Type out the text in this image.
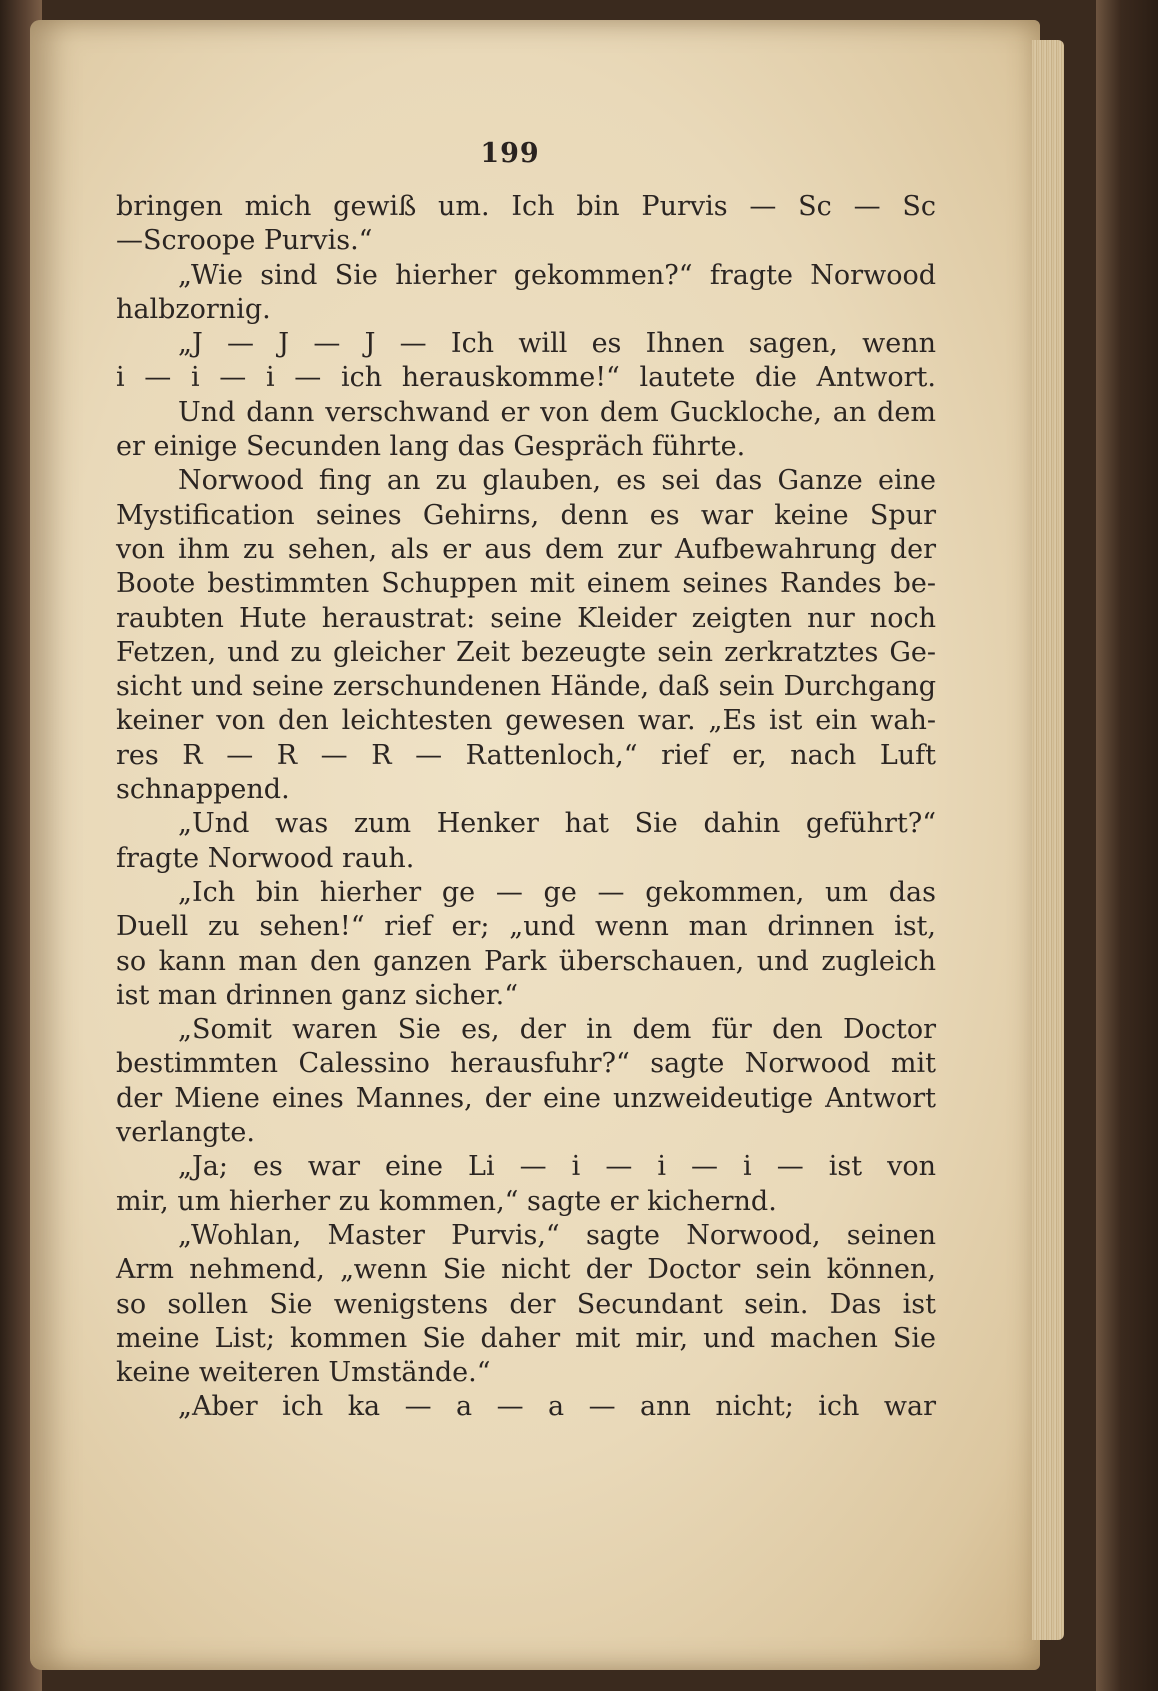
199
bringen mich gewiß um. Ich bin Purvis — Sc — Sc
—Scroope Purvis.“
„Wie sind Sie hierher gekommen?“ fragte Norwood
halbzornig.
„J — J — J — Ich will es Ihnen sagen, wenn
i — i — i — ich herauskomme!“ lautete die Antwort.
Und dann verschwand er von dem Guckloche, an dem
er einige Secunden lang das Gespräch führte.
Norwood fing an zu glauben, es sei das Ganze eine
Mystification seines Gehirns, denn es war keine Spur
von ihm zu sehen, als er aus dem zur Aufbewahrung der
Boote bestimmten Schuppen mit einem seines Randes be-
raubten Hute heraustrat: seine Kleider zeigten nur noch
Fetzen, und zu gleicher Zeit bezeugte sein zerkratztes Ge-
sicht und seine zerschundenen Hände, daß sein Durchgang
keiner von den leichtesten gewesen war. „Es ist ein wah-
res R — R — R — Rattenloch,“ rief er, nach Luft
schnappend.
„Und was zum Henker hat Sie dahin geführt?“
fragte Norwood rauh.
„Ich bin hierher ge — ge — gekommen, um das
Duell zu sehen!“ rief er; „und wenn man drinnen ist,
so kann man den ganzen Park überschauen, und zugleich
ist man drinnen ganz sicher.“
„Somit waren Sie es, der in dem für den Doctor
bestimmten Calessino herausfuhr?“ sagte Norwood mit
der Miene eines Mannes, der eine unzweideutige Antwort
verlangte.
„Ja; es war eine Li — i — i — i — ist von
mir, um hierher zu kommen,“ sagte er kichernd.
„Wohlan, Master Purvis,“ sagte Norwood, seinen
Arm nehmend, „wenn Sie nicht der Doctor sein können,
so sollen Sie wenigstens der Secundant sein. Das ist
meine List; kommen Sie daher mit mir, und machen Sie
keine weiteren Umstände.“
„Aber ich ka — a — a — ann nicht; ich war
